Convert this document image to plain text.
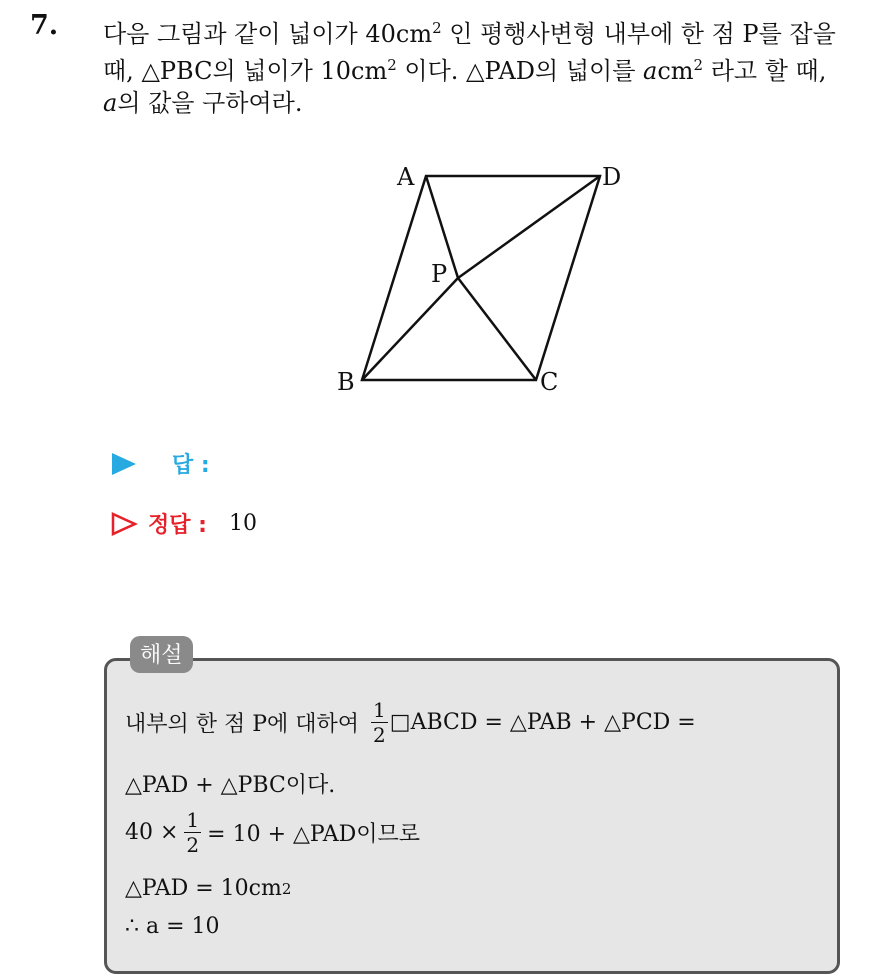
7. 다음 그림과 같이 넓이가 $40cm^2$ 인 평행사변형 내부에 한 점 P를 잡을
때, △PBC의 넓이가 $10cm^2$ 이다. △PAD의 넓이를 acm$^2$ 라고 할 때,
a의 값을 구하여라.
A	D
P
B	C
답 :
정답 : 10
해설
내부의 한 점 P에 대하여 $\frac{1}{2}$ □ABCD = △PAB + △PCD =
△PAD + △PBC이다.
$40 \times \frac{1}{2} = 10$ + △PAD이므로
△PAD = 10cm 2
∴ a = 10
